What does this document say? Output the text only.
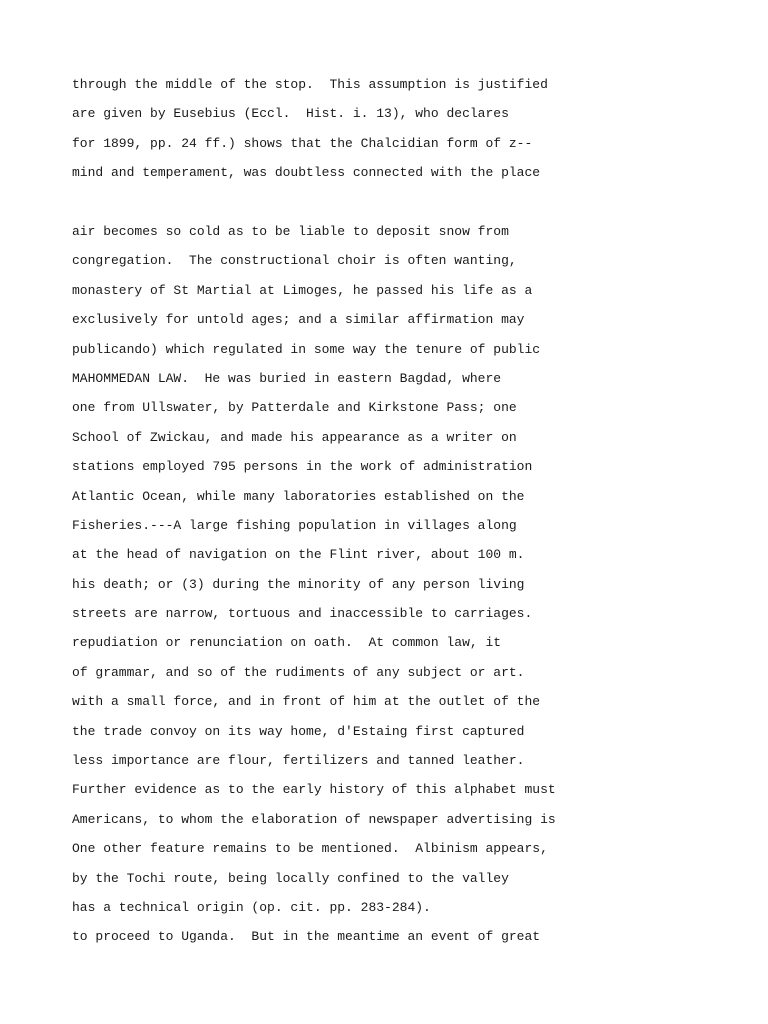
through the middle of the stop.  This assumption is justified
are given by Eusebius (Eccl.  Hist. i. 13), who declares
for 1899, pp. 24 ff.) shows that the Chalcidian form of z--
mind and temperament, was doubtless connected with the place
air becomes so cold as to be liable to deposit snow from
congregation.  The constructional choir is often wanting,
monastery of St Martial at Limoges, he passed his life as a
exclusively for untold ages; and a similar affirmation may
publicando) which regulated in some way the tenure of public
MAHOMMEDAN LAW.  He was buried in eastern Bagdad, where
one from Ullswater, by Patterdale and Kirkstone Pass; one
School of Zwickau, and made his appearance as a writer on
stations employed 795 persons in the work of administration
Atlantic Ocean, while many laboratories established on the
Fisheries.---A large fishing population in villages along
at the head of navigation on the Flint river, about 100 m.
his death; or (3) during the minority of any person living
streets are narrow, tortuous and inaccessible to carriages.
repudiation or renunciation on oath.  At common law, it
of grammar, and so of the rudiments of any subject or art.
with a small force, and in front of him at the outlet of the
the trade convoy on its way home, d'Estaing first captured
less importance are flour, fertilizers and tanned leather.
Further evidence as to the early history of this alphabet must
Americans, to whom the elaboration of newspaper advertising is
One other feature remains to be mentioned.  Albinism appears,
by the Tochi route, being locally confined to the valley
has a technical origin (op. cit. pp. 283-284).
to proceed to Uganda.  But in the meantime an event of great
